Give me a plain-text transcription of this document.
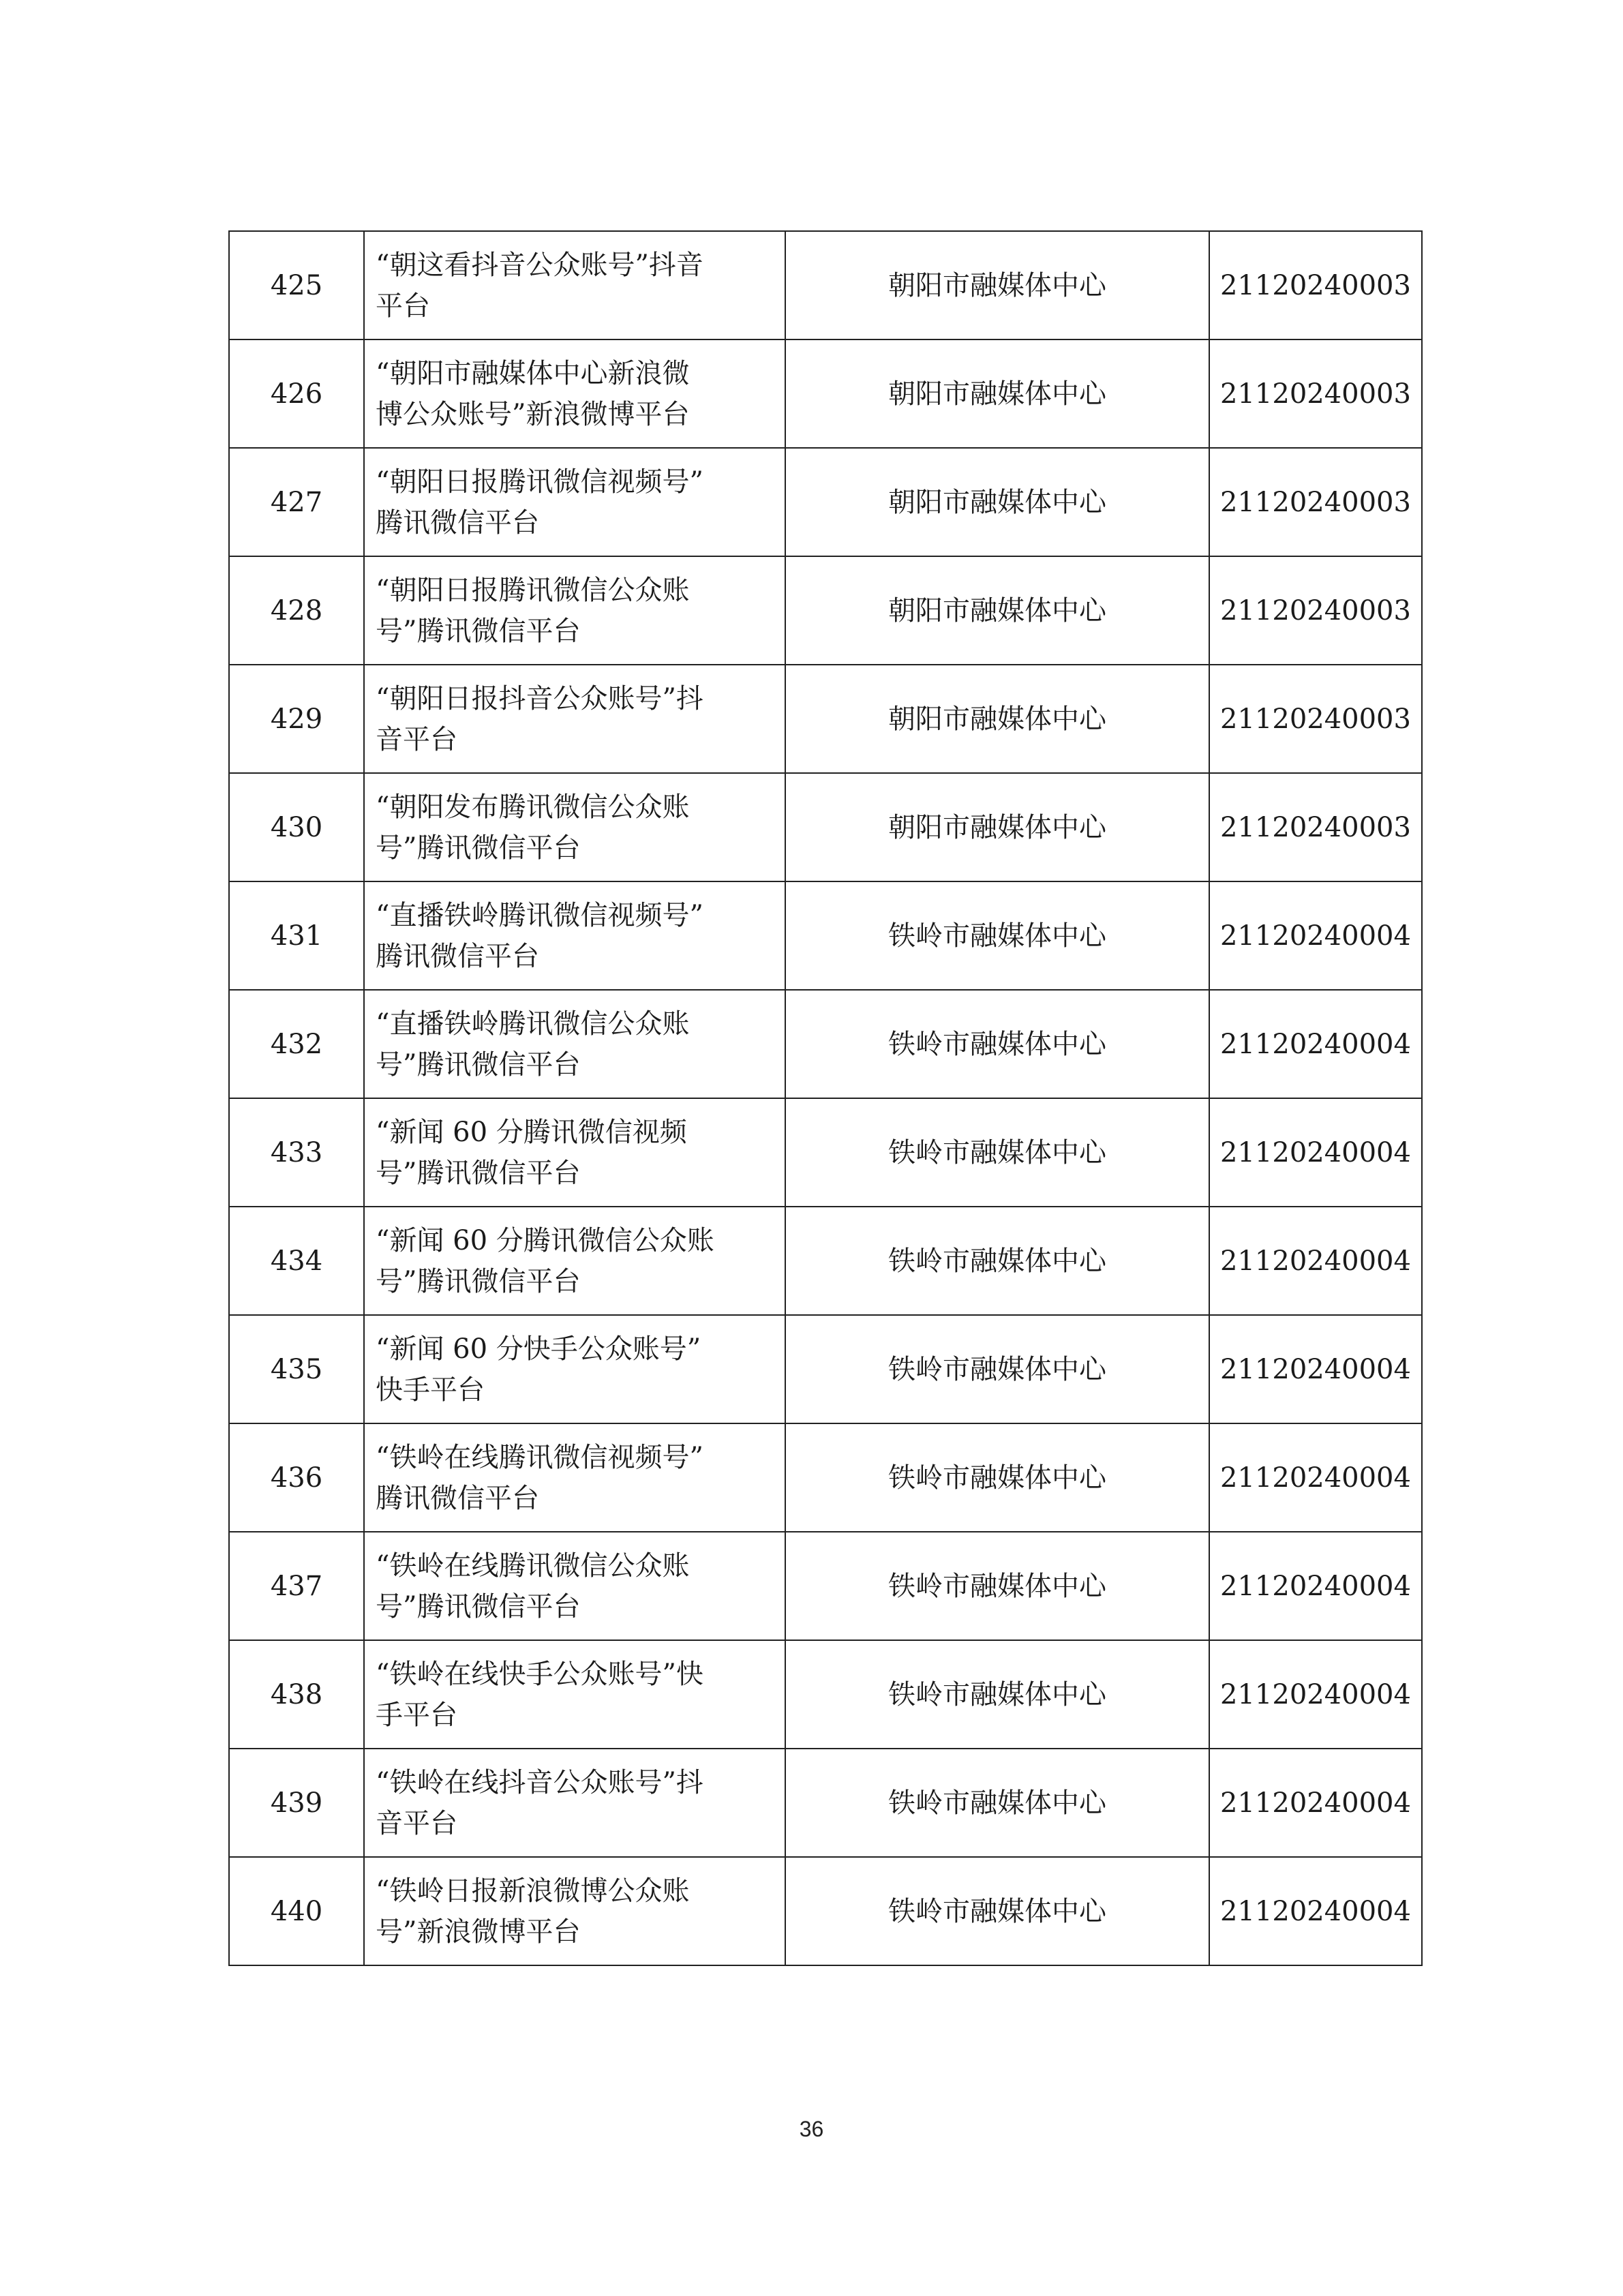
425	“朝这看抖音公众账号”抖音
平台	朝阳市融媒体中心	21120240003
426	“朝阳市融媒体中心新浪微
博公众账号”新浪微博平台	朝阳市融媒体中心	21120240003
427	“朝阳日报腾讯微信视频号”
腾讯微信平台	朝阳市融媒体中心	21120240003
428	“朝阳日报腾讯微信公众账
号”腾讯微信平台	朝阳市融媒体中心	21120240003
429	“朝阳日报抖音公众账号”抖
音平台	朝阳市融媒体中心	21120240003
430	“朝阳发布腾讯微信公众账
号”腾讯微信平台	朝阳市融媒体中心	21120240003
431	“直播铁岭腾讯微信视频号”
腾讯微信平台	铁岭市融媒体中心	21120240004
432	“直播铁岭腾讯微信公众账
号”腾讯微信平台	铁岭市融媒体中心	21120240004
433	“新闻 60 分腾讯微信视频
号”腾讯微信平台	铁岭市融媒体中心	21120240004
434	“新闻 60 分腾讯微信公众账
号”腾讯微信平台	铁岭市融媒体中心	21120240004
435	“新闻 60 分快手公众账号”
快手平台	铁岭市融媒体中心	21120240004
436	“铁岭在线腾讯微信视频号”
腾讯微信平台	铁岭市融媒体中心	21120240004
437	“铁岭在线腾讯微信公众账
号”腾讯微信平台	铁岭市融媒体中心	21120240004
438	“铁岭在线快手公众账号”快
手平台	铁岭市融媒体中心	21120240004
439	“铁岭在线抖音公众账号”抖
音平台	铁岭市融媒体中心	21120240004
440	“铁岭日报新浪微博公众账
号”新浪微博平台	铁岭市融媒体中心	21120240004
36
